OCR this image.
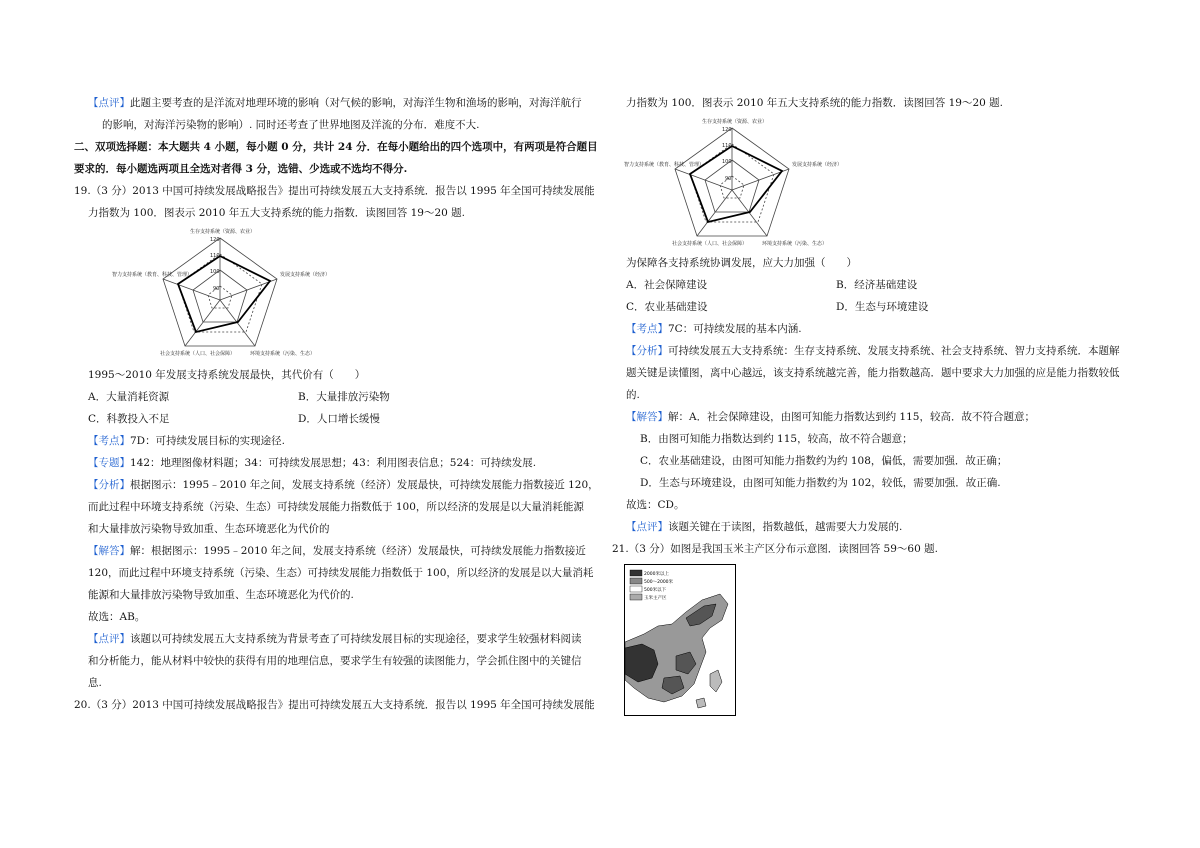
【点评】此题主要考查的是洋流对地理环境的影响（对气候的影响，对海洋生物和渔场的影响，对海洋航行
的影响，对海洋污染物的影响）. 同时还考查了世界地图及洋流的分布．难度不大.
二、双项选择题：本大题共 4 小题，每小题 0 分，共计 24 分．在每小题给出的四个选项中，有两项是符合题目
要求的．每小题选两项且全选对者得 3 分，选错、少选或不选均不得分.
19.（3 分）2013 中国可持续发展战略报告》提出可持续发展五大支持系统．报告以 1995 年全国可持续发展能
力指数为 100．图表示 2010 年五大支持系统的能力指数．读图回答 19～20 题.
120
110
100
90
生存支持系统（资源、农业）
发展支持系统（经济）
环境支持系统（污染、生态）
社会支持系统（人口、社会保障）
智力支持系统（教育、科技、管理）
1995～2010 年发展支持系统发展最快，其代价有（　　）
A．大量消耗资源	B．大量排放污染物
C．科教投入不足	D．人口增长缓慢
【考点】7D：可持续发展目标的实现途径.
【专题】142：地理图像材料题；34：可持续发展思想；43：利用图表信息；524：可持续发展.
【分析】根据图示：1995﹣2010 年之间，发展支持系统（经济）发展最快，可持续发展能力指数接近 120，
而此过程中环境支持系统（污染、生态）可持续发展能力指数低于 100，所以经济的发展是以大量消耗能源
和大量排放污染物导致加重、生态环境恶化为代价的
【解答】解：根据图示：1995﹣2010 年之间，发展支持系统（经济）发展最快，可持续发展能力指数接近
120，而此过程中环境支持系统（污染、生态）可持续发展能力指数低于 100，所以经济的发展是以大量消耗
能源和大量排放污染物导致加重、生态环境恶化为代价的.
故选：AB。
【点评】该题以可持续发展五大支持系统为背景考查了可持续发展目标的实现途径，要求学生较强材料阅读
和分析能力，能从材料中较快的获得有用的地理信息，要求学生有较强的读图能力，学会抓住图中的关键信
息.
20.（3 分）2013 中国可持续发展战略报告》提出可持续发展五大支持系统．报告以 1995 年全国可持续发展能
力指数为 100．图表示 2010 年五大支持系统的能力指数．读图回答 19～20 题.
120
110
100
90
生存支持系统（资源、农业）
发展支持系统（经济）
环境支持系统（污染、生态）
社会支持系统（人口、社会保障）
智力支持系统（教育、科技、管理）
为保障各支持系统协调发展，应大力加强（　　）
A．社会保障建设	B．经济基础建设
C．农业基础建设	D．生态与环境建设
【考点】7C：可持续发展的基本内涵.
【分析】可持续发展五大支持系统：生存支持系统、发展支持系统、社会支持系统、智力支持系统．本题解
题关键是读懂图，离中心越远，该支持系统越完善，能力指数越高．题中要求大力加强的应是能力指数较低
的.
【解答】解：A．社会保障建设，由图可知能力指数达到约 115，较高．故不符合题意；
B．由图可知能力指数达到约 115，较高，故不符合题意；
C．农业基础建设，由图可知能力指数约为约 108，偏低，需要加强．故正确；
D．生态与环境建设，由图可知能力指数约为 102，较低，需要加强．故正确.
故选：CD。
【点评】该题关键在于读图，指数越低，越需要大力发展的.
21.（3 分）如图是我国玉米主产区分布示意图．读图回答 59～60 题.
2000米以上
500～2000米
500米以下
玉米主产区
